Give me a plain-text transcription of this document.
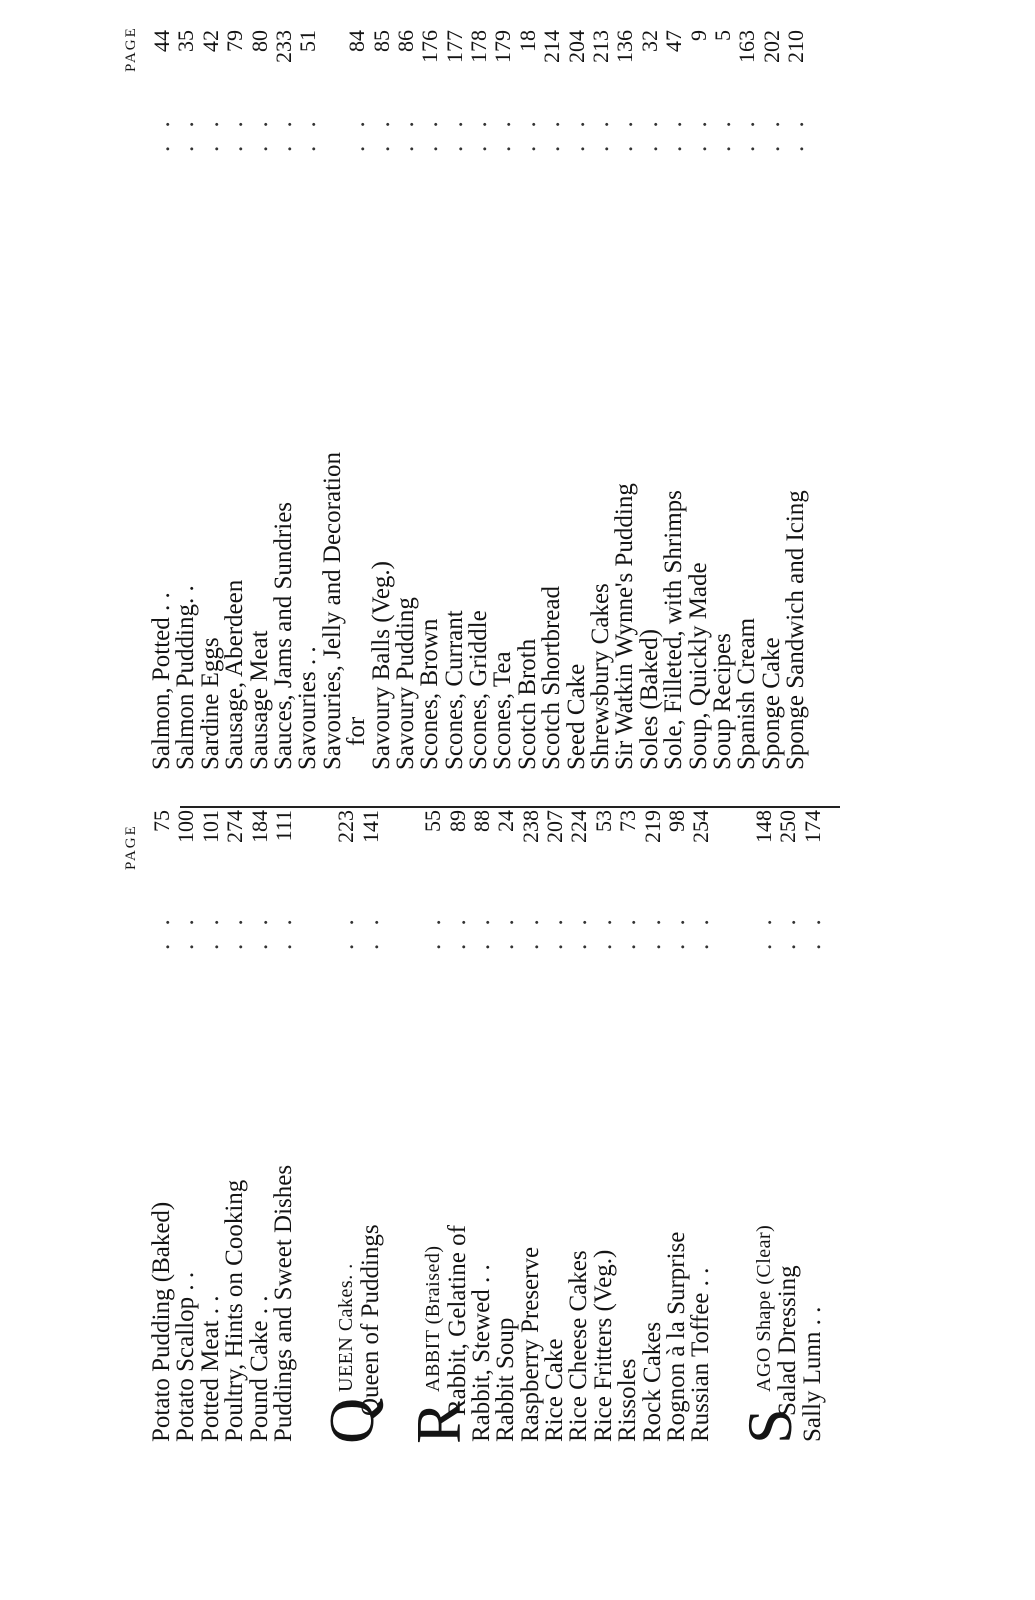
PAGE
Potato Pudding (Baked)
. .
75
Potato Scallop . .
. .
100
Potted Meat . .
. .
101
Poultry, Hints on Cooking
. .
274
Pound Cake . .
. .
184
Puddings and Sweet Dishes
. .
111
Q
UEEN Cakes. .
. .
223
Queen of Puddings
. .
141
R
ABBIT (Braised)
. .
55
Rabbit, Gelatine of
. .
89
Rabbit, Stewed . .
. .
88
Rabbit Soup
. .
24
Raspberry Preserve
. .
238
Rice Cake
. .
207
Rice Cheese Cakes
. .
224
Rice Fritters (Veg.)
. .
53
Rissoles
. .
73
Rock Cakes
. .
219
Rognon à la Surprise
. .
98
Russian Toffee . .
. .
254
S
AGO Shape (Clear)
. .
148
Salad Dressing
. .
250
Sally Lunn . .
. .
174
PAGE
Salmon, Potted . .
. .
44
Salmon Pudding. .
. .
35
Sardine Eggs
. .
42
Sausage, Aberdeen
. .
79
Sausage Meat
. .
80
Sauces, Jams and Sundries
. .
233
Savouries . .
. .
51
Savouries, Jelly and Decoration
for
. .
84
Savoury Balls (Veg.)
. .
85
Savoury Pudding
. .
86
Scones, Brown
. .
176
Scones, Currant
. .
177
Scones, Griddle
. .
178
Scones, Tea
. .
179
Scotch Broth
. .
18
Scotch Shortbread
. .
214
Seed Cake
. .
204
Shrewsbury Cakes
. .
213
Sir Watkin Wynne's Pudding
. .
136
Soles (Baked)
. .
32
Sole, Filleted, with Shrimps
. .
47
Soup, Quickly Made
. .
9
Soup Recipes
. .
5
Spanish Cream
. .
163
Sponge Cake
. .
202
Sponge Sandwich and Icing
. .
210
